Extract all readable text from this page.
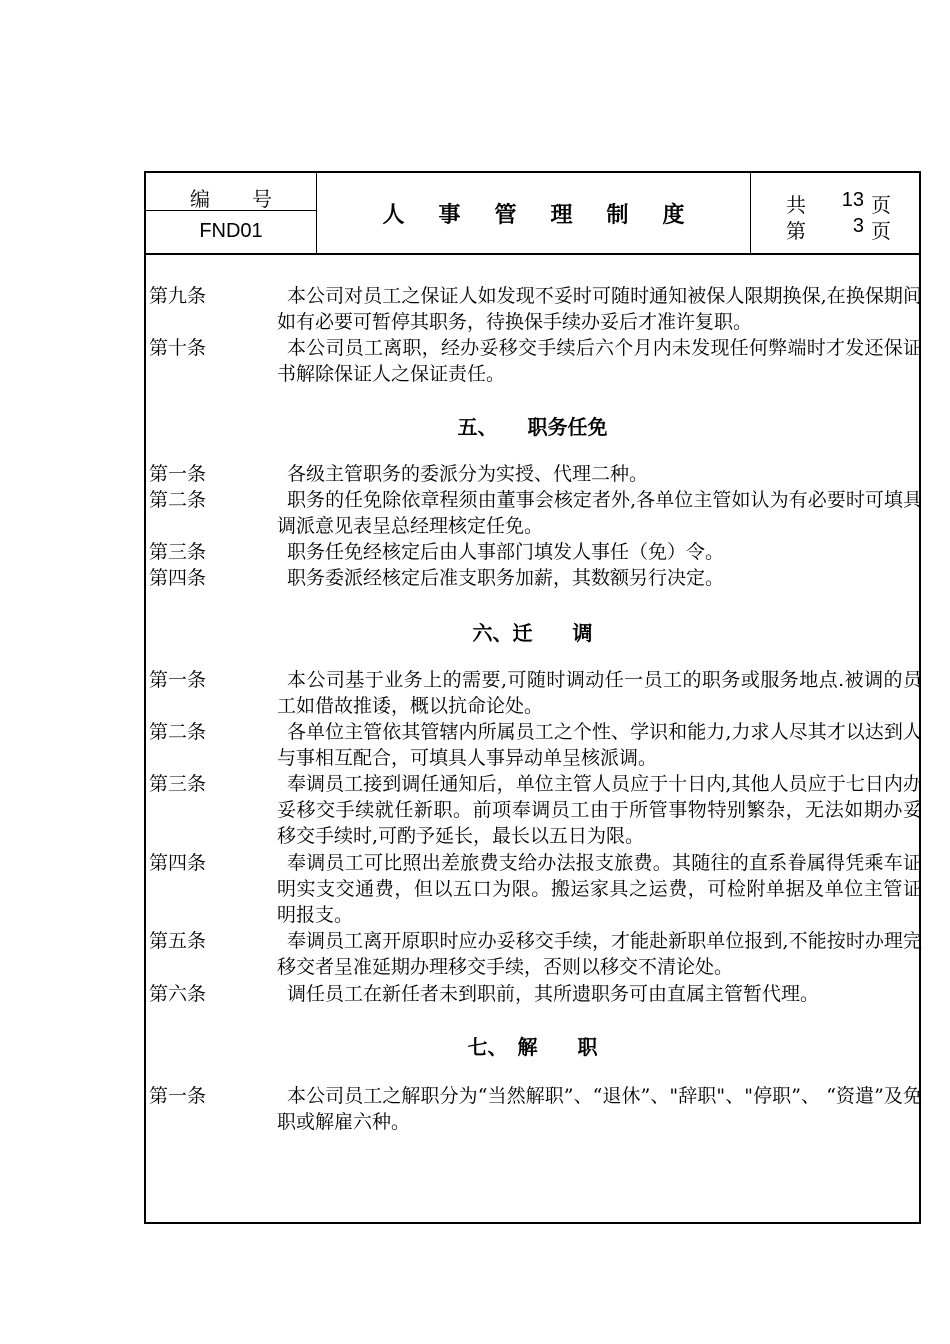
编号
FND01
人事管理制度	共	13 页
第	3 页
第九条	本公司对员工之保证人如发现不妥时可随时通知被保人限期换保,在换保期间如有必要可暂停其职务，待换保手续办妥后才准许复职。
第十条	本公司员工离职，经办妥移交手续后六个月内未发现任何弊端时才发还保证书解除保证人之保证责任。
五、　　职务任免
第一条	各级主管职务的委派分为实授、代理二种。
第二条	职务的任免除依章程须由董事会核定者外,各单位主管如认为有必要时可填具调派意见表呈总经理核定任免。
第三条	职务任免经核定后由人事部门填发人事任（免）令。
第四条	职务委派经核定后准支职务加薪，其数额另行决定。
六、迁　　调
第一条	本公司基于业务上的需要,可随时调动任一员工的职务或服务地点.被调的员工如借故推诿，概以抗命论处。
第二条	各单位主管依其管辖内所属员工之个性、学识和能力,力求人尽其才以达到人与事相互配合，可填具人事异动单呈核派调。
第三条	奉调员工接到调任通知后，单位主管人员应于十日内,其他人员应于七日内办妥移交手续就任新职。前项奉调员工由于所管事物特别繁杂，无法如期办妥移交手续时,可酌予延长，最长以五日为限。
第四条	奉调员工可比照出差旅费支给办法报支旅费。其随往的直系眷属得凭乘车证明实支交通费，但以五口为限。搬运家具之运费，可检附单据及单位主管证明报支。
第五条	奉调员工离开原职时应办妥移交手续，才能赴新职单位报到,不能按时办理完移交者呈准延期办理移交手续，否则以移交不清论处。
第六条	调任员工在新任者未到职前，其所遗职务可由直属主管暂代理。
七、　解　　职
第一条	本公司员工之解职分为“当然解职”、“退休”、"辞职"、"停职”、 “资遣”及免职或解雇六种。
